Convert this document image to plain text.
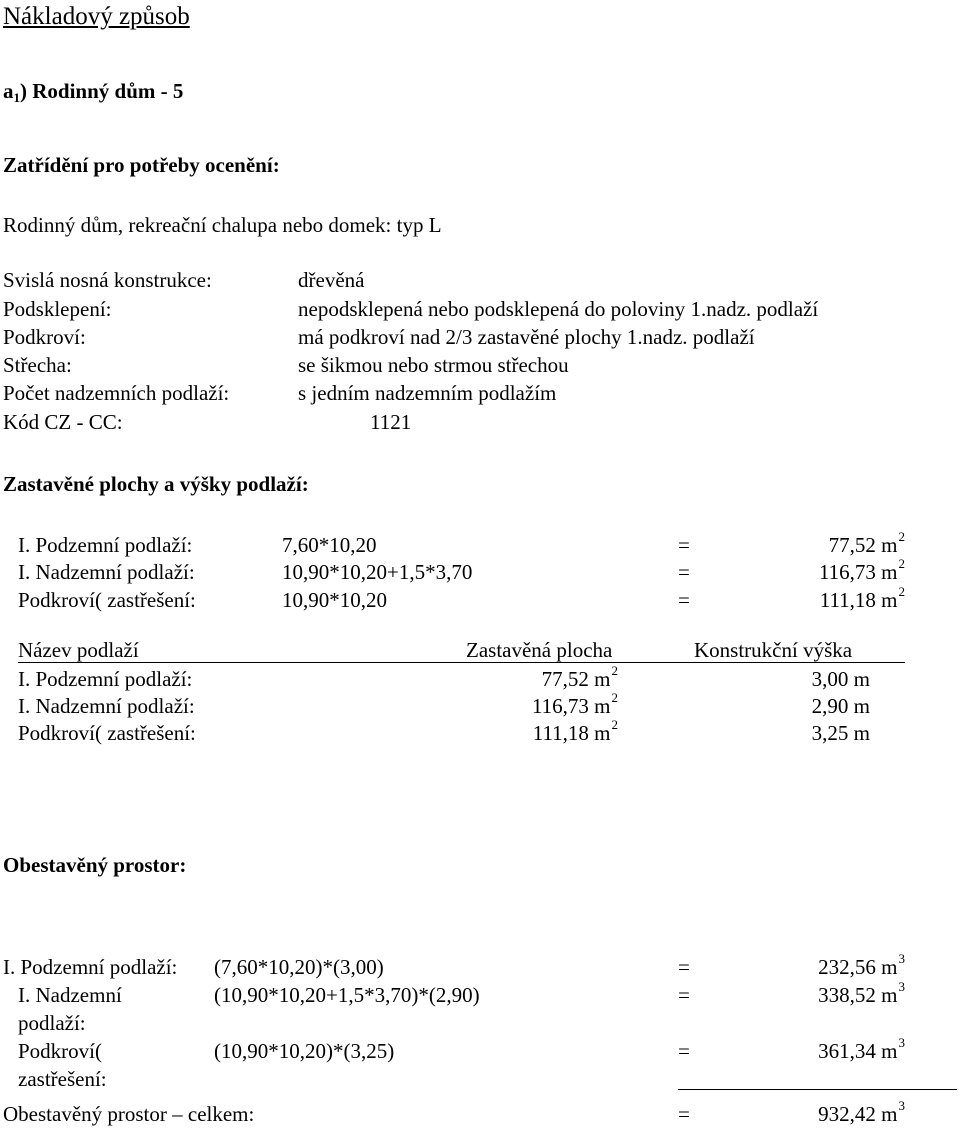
Nákladový způsob
$a_1$) Rodinný dům - 5
Zatřídění pro potřeby ocenění:
Rodinný dům, rekreační chalupa nebo domek: typ L
Svislá nosná konstrukce:	dřevěná
Podsklepení:	nepodsklepená nebo podsklepená do poloviny 1.nadz. podlaží
Podkroví:	má podkroví nad 2/3 zastavěné plochy 1.nadz. podlaží
Střecha:	se šikmou nebo strmou střechou
Počet nadzemních podlaží:	s jedním nadzemním podlažím
Kód CZ - CC:	1121
Zastavěné plochy a výšky podlaží:
I. Podzemní podlaží:	7,60*10,20	=	77,52 $m^2$
I. Nadzemní podlaží:	10,90*10,20+1,5*3,70	=	116,73 $m^2$
Podkroví( zastřešení:	10,90*10,20	=	111,18 $m^2$
Název podlaží	Zastavěná plocha	Konstrukční výška
I. Podzemní podlaží:	77,52 $m^2$	3,00 m
I. Nadzemní podlaží:	116,73 $m^2$	2,90 m
Podkroví( zastřešení:	111,18 $m^2$	3,25 m
Obestavěný prostor:
I. Podzemní podlaží: (7,60*10,20)*(3,00)	=	232,56 $m^3$
I. Nadzemní
podlaží:
(10,90*10,20+1,5*3,70)*(2,90)	=	338,52 $m^3$
Podkroví(
zastřešení:
(10,90*10,20)*(3,25)	=	361,34 $m^3$
Obestavěný prostor – celkem:	=	932,42 $m^3$
